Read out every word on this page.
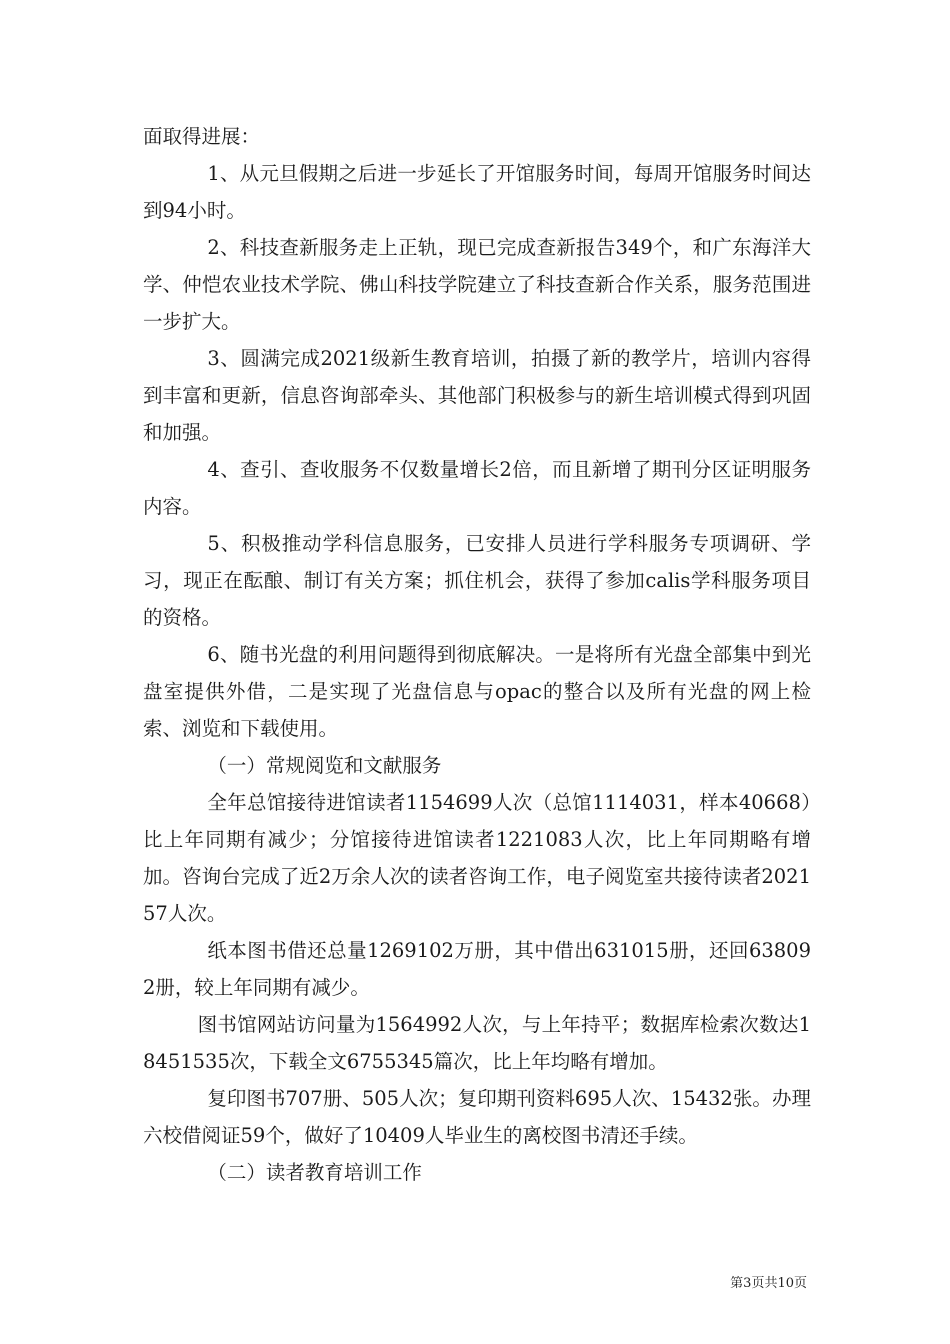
面取得进展：

1、从元旦假期之后进一步延长了开馆服务时间，每周开馆服务时间达到94小时。

2、科技查新服务走上正轨，现已完成查新报告349个，和广东海洋大学、仲恺农业技术学院、佛山科技学院建立了科技查新合作关系，服务范围进一步扩大。

3、圆满完成2021级新生教育培训，拍摄了新的教学片，培训内容得到丰富和更新，信息咨询部牵头、其他部门积极参与的新生培训模式得到巩固和加强。

4、查引、查收服务不仅数量增长2倍，而且新增了期刊分区证明服务内容。

5、积极推动学科信息服务，已安排人员进行学科服务专项调研、学习，现正在酝酿、制订有关方案；抓住机会，获得了参加calis学科服务项目的资格。

6、随书光盘的利用问题得到彻底解决。一是将所有光盘全部集中到光盘室提供外借，二是实现了光盘信息与opac的整合以及所有光盘的网上检索、浏览和下载使用。

（一）常规阅览和文献服务

全年总馆接待进馆读者1154699人次（总馆1114031，样本40668）比上年同期有减少；分馆接待进馆读者1221083人次，比上年同期略有增加。咨询台完成了近2万余人次的读者咨询工作，电子阅览室共接待读者202157人次。

纸本图书借还总量1269102万册，其中借出631015册，还回638092册，较上年同期有减少。

图书馆网站访问量为1564992人次，与上年持平；数据库检索次数达18451535次，下载全文6755345篇次，比上年均略有增加。

复印图书707册、505人次；复印期刊资料695人次、15432张。办理六校借阅证59个，做好了10409人毕业生的离校图书清还手续。

（二）读者教育培训工作

第3页共10页
